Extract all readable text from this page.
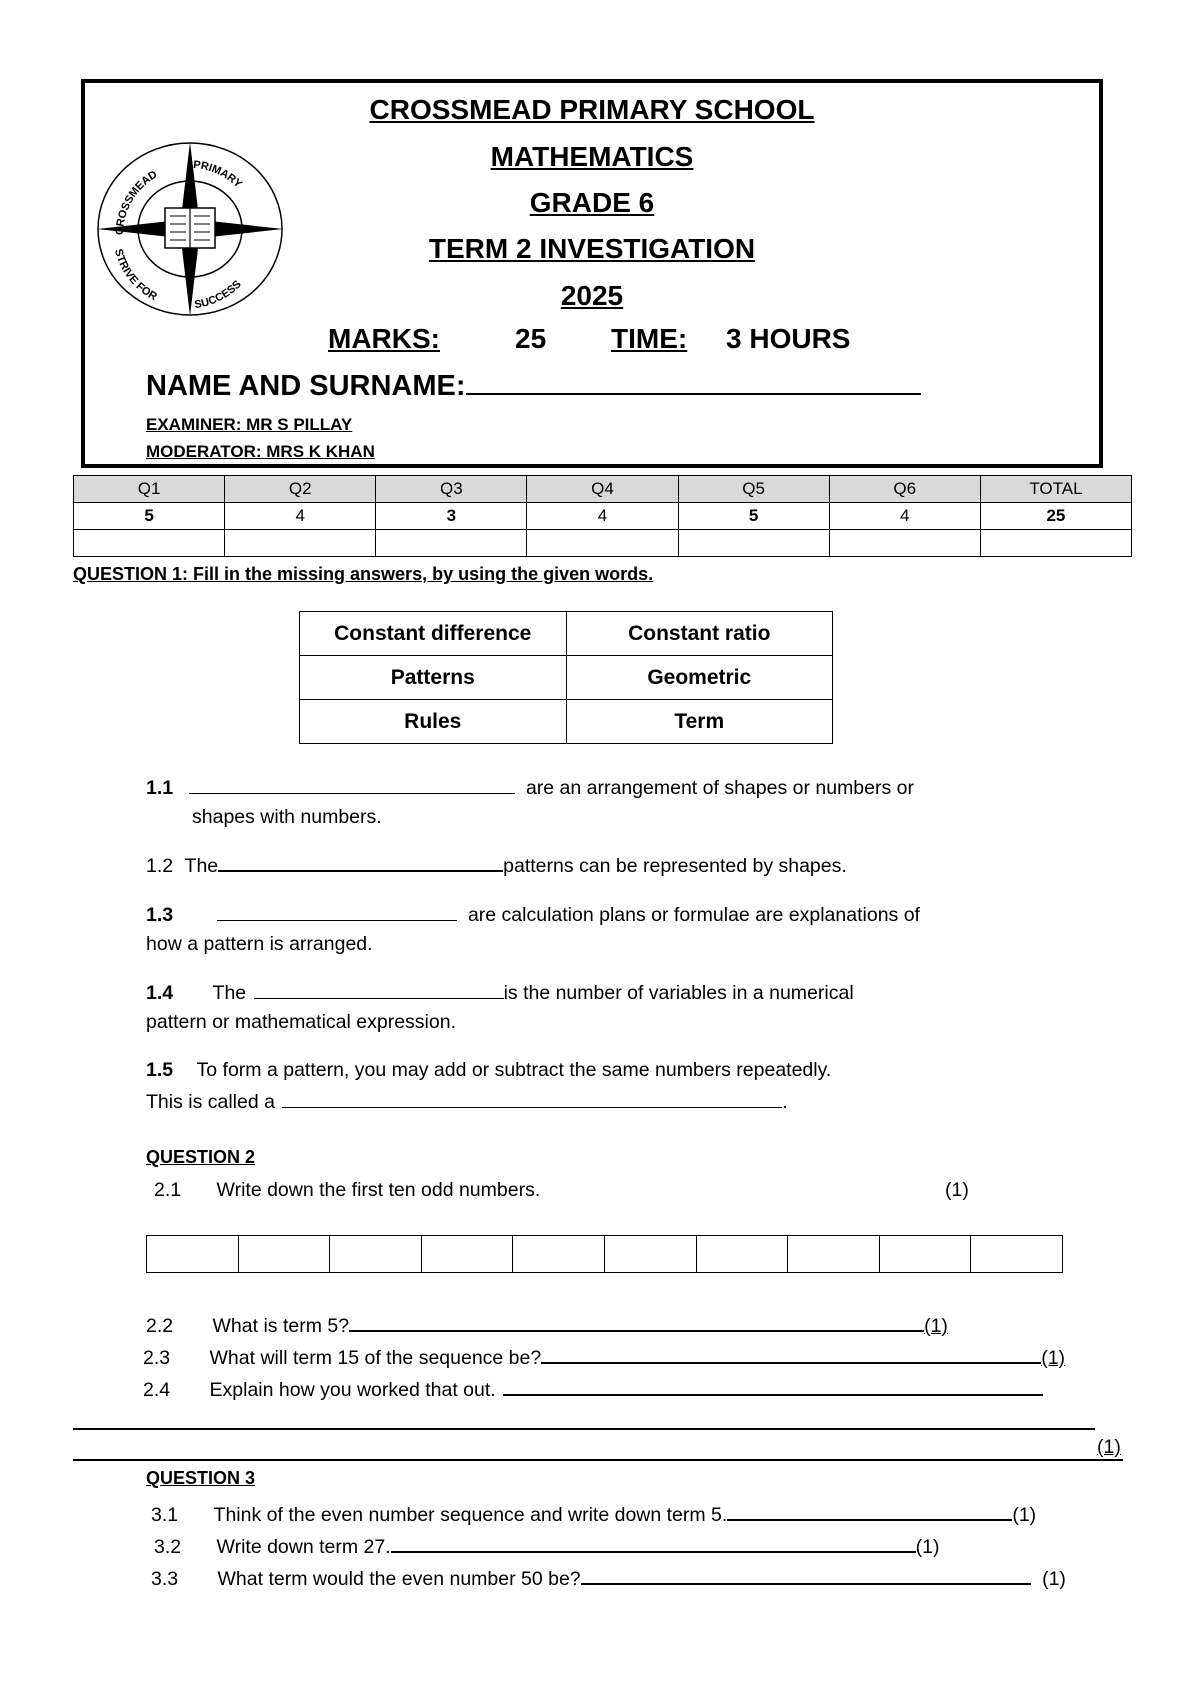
CROSSMEAD
PRIMARY
STRIVE FOR
SUCCESS
CROSSMEAD PRIMARY SCHOOL
MATHEMATICS
GRADE 6
TERM 2 INVESTIGATION
2025
MARKS:	25 TIME: 3 HOURS
NAME AND SURNAME:
EXAMINER: MR S PILLAY
MODERATOR: MRS K KHAN
Q1	Q2	Q3	Q4	Q5	Q6	TOTAL
5	4	3	4	5	4	25

QUESTION 1: Fill in the missing answers, by using the given words.
Constant difference	Constant ratio
Patterns	Geometric
Rules	Term
1.1	are an arrangement of shapes or numbers or
shapes with numbers.
1.2 The	patterns can be represented by shapes.
1.3	are calculation plans or formulae are explanations of
how a pattern is arranged.
1.4 The	is the number of variables in a numerical
pattern or mathematical expression.
1.5 To form a pattern, you may add or subtract the same numbers repeatedly.
This is called a	.
QUESTION 2
2.1 Write down the first ten odd numbers.	(1)

2.2 What is term 5?	(1)
2.3 What will term 15 of the sequence be?	(1)
2.4 Explain how you worked that out.
(1)
QUESTION 3
3.1 Think of the even number sequence and write down term 5.	(1)
3.2 Write down term 27.	(1)
3.3 What term would the even number 50 be?	(1)
